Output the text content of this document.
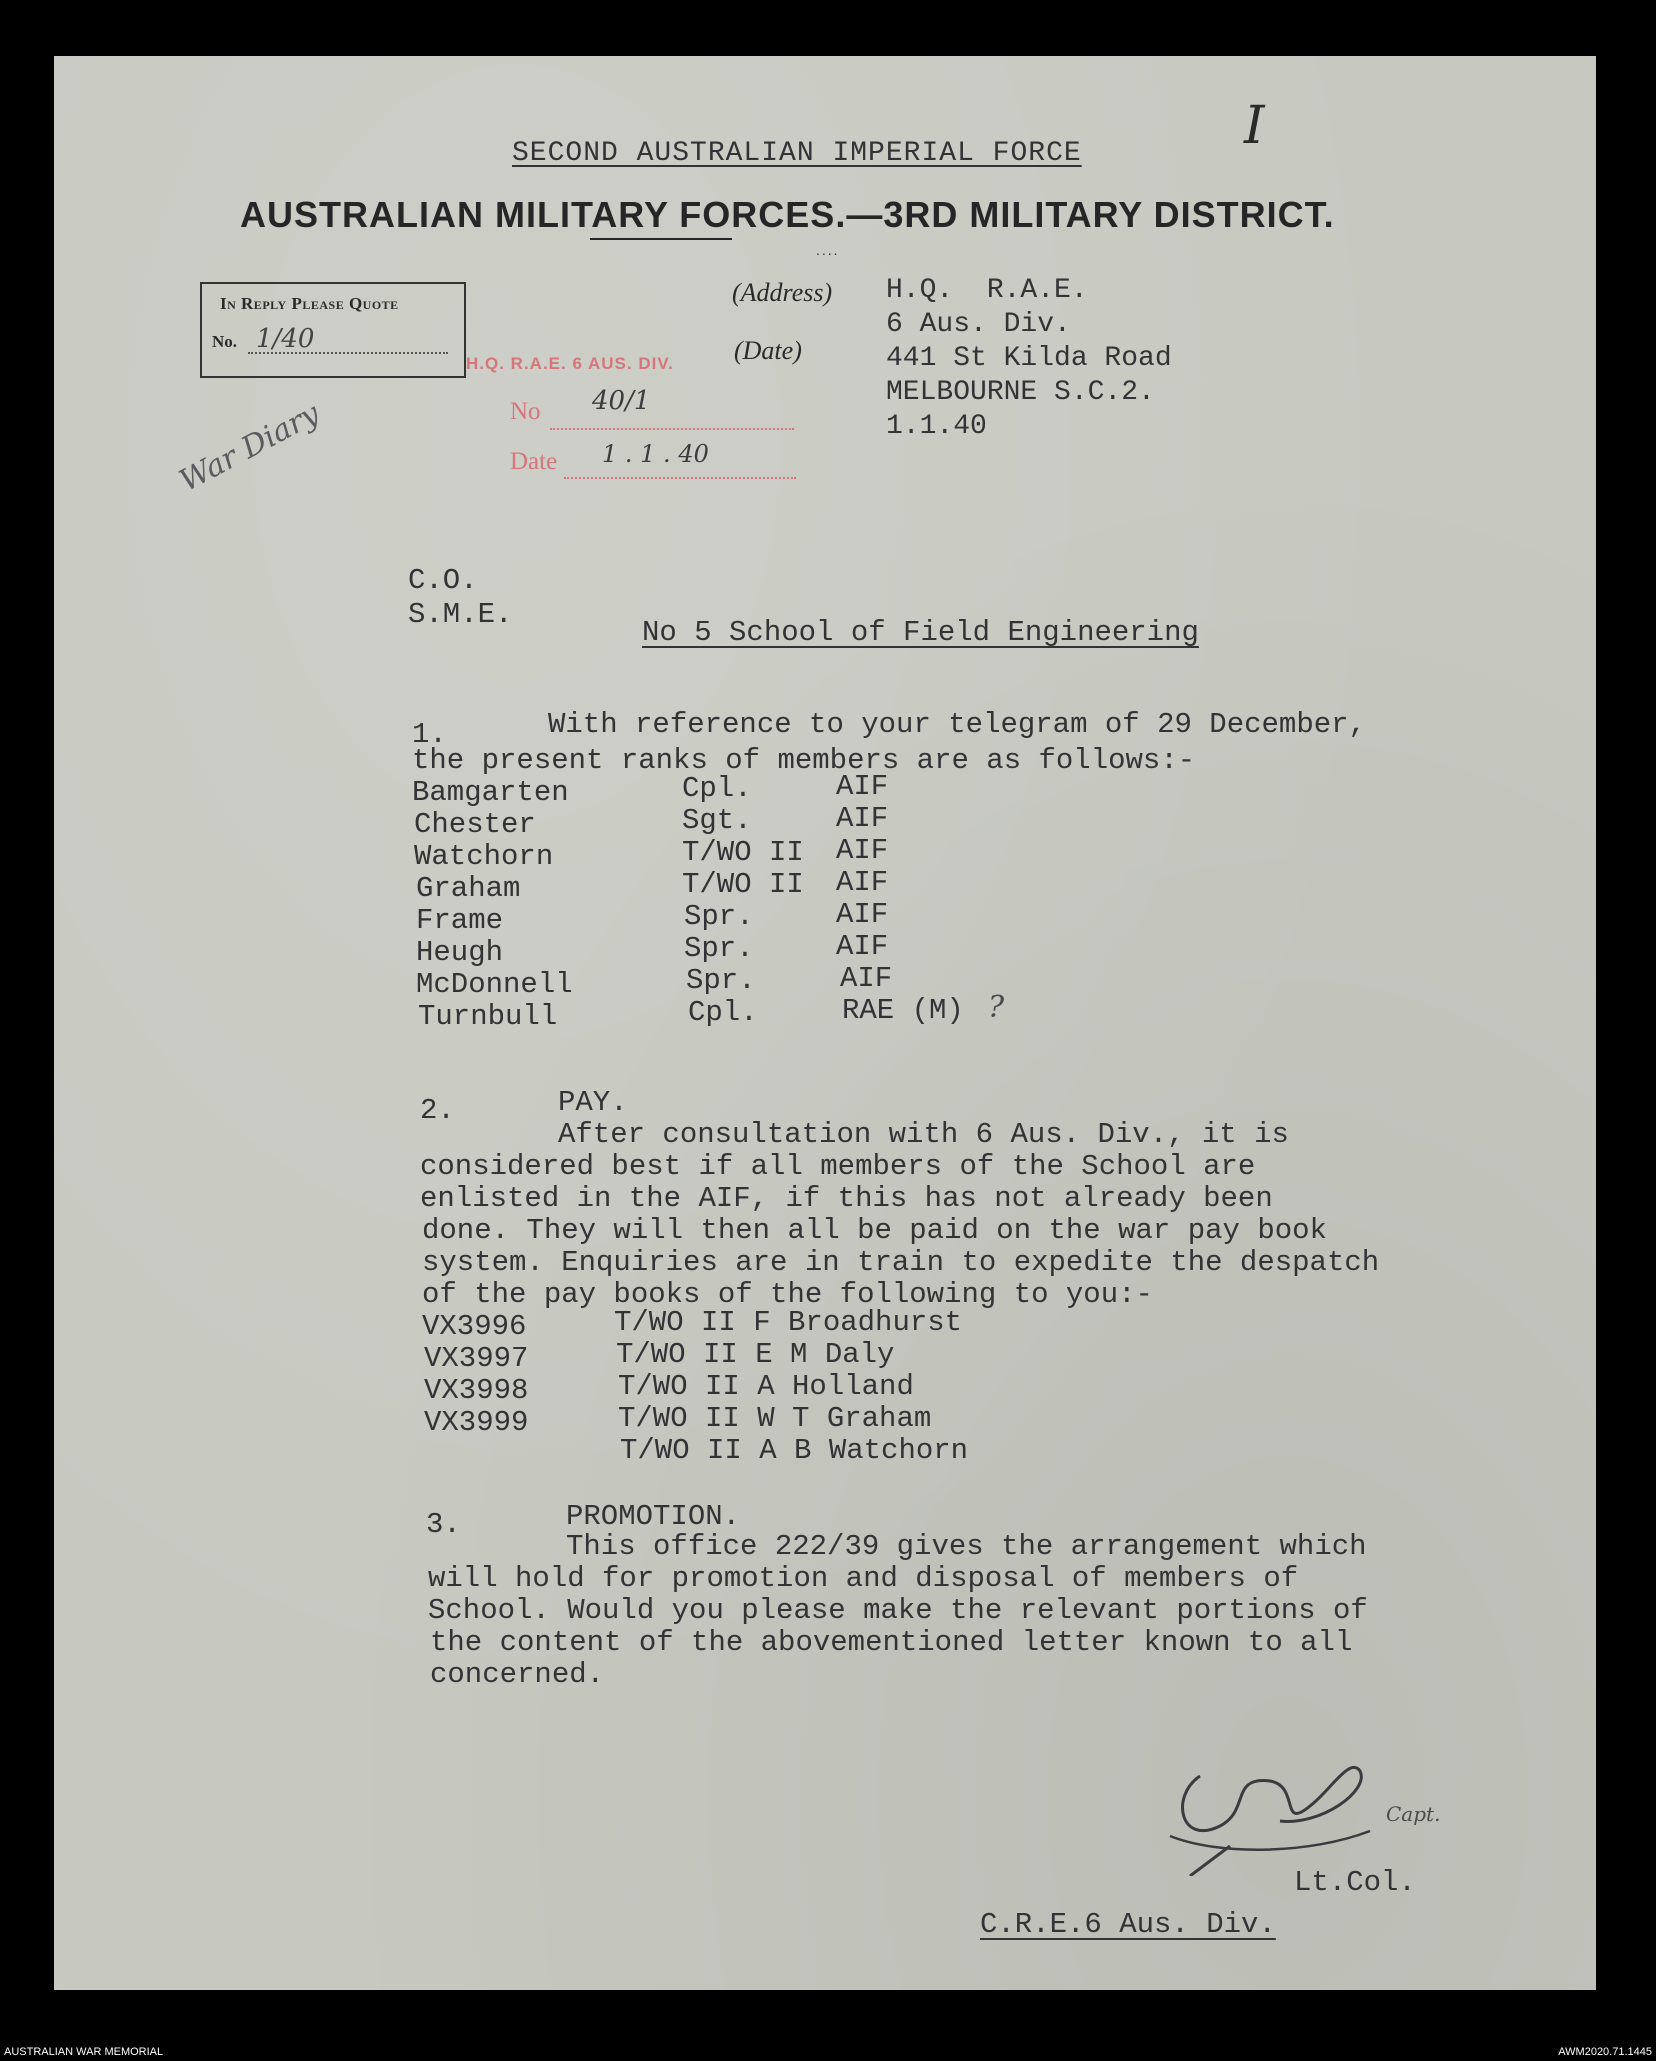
I
SECOND AUSTRALIAN IMPERIAL FORCE
AUSTRALIAN MILITARY FORCES.—3RD MILITARY DISTRICT.
....

In Reply Please Quote

No.

1/40

(Address)
(Date)
H.Q.  R.A.E.
6 Aus. Div.
441 St Kilda Road
MELBOURNE S.C.2.
1.1.40
H.Q. R.A.E. 6 AUS. DIV.
No 40/1
Date 1 . 1 . 40
War Diary
C.O.
S.M.E.
No 5 School of Field Engineering
1.	With reference to your telegram of 29 December,
the present ranks of members are as follows:-
Bamgarten	Cpl.	AIF
Chester	Sgt.	AIF
Watchorn	T/WO II AIF
Graham	T/WO II AIF
Frame	Spr.	AIF
Heugh	Spr.	AIF
McDonnell	Spr.	AIF
Turnbull	Cpl.	RAE (M) ?
2.	PAY.
After consultation with 6 Aus. Div., it is
considered best if all members of the School are
enlisted in the AIF, if this has not already been
done. They will then all be paid on the war pay book
system. Enquiries are in train to expedite the despatch
of the pay books of the following to you:-
VX3996	T/WO II F Broadhurst
VX3997	T/WO II E M Daly
VX3998	T/WO II A Holland
VX3999	T/WO II W T Graham
T/WO II A B Watchorn
3.	PROMOTION.
This office 222/39 gives the arrangement which
will hold for promotion and disposal of members of
School. Would you please make the relevant portions of
the content of the abovementioned letter known to all
concerned.
Capt.
Lt.Col.
C.R.E.6 Aus. Div.
AUSTRALIAN WAR MEMORIAL	AWM2020.71.1445
